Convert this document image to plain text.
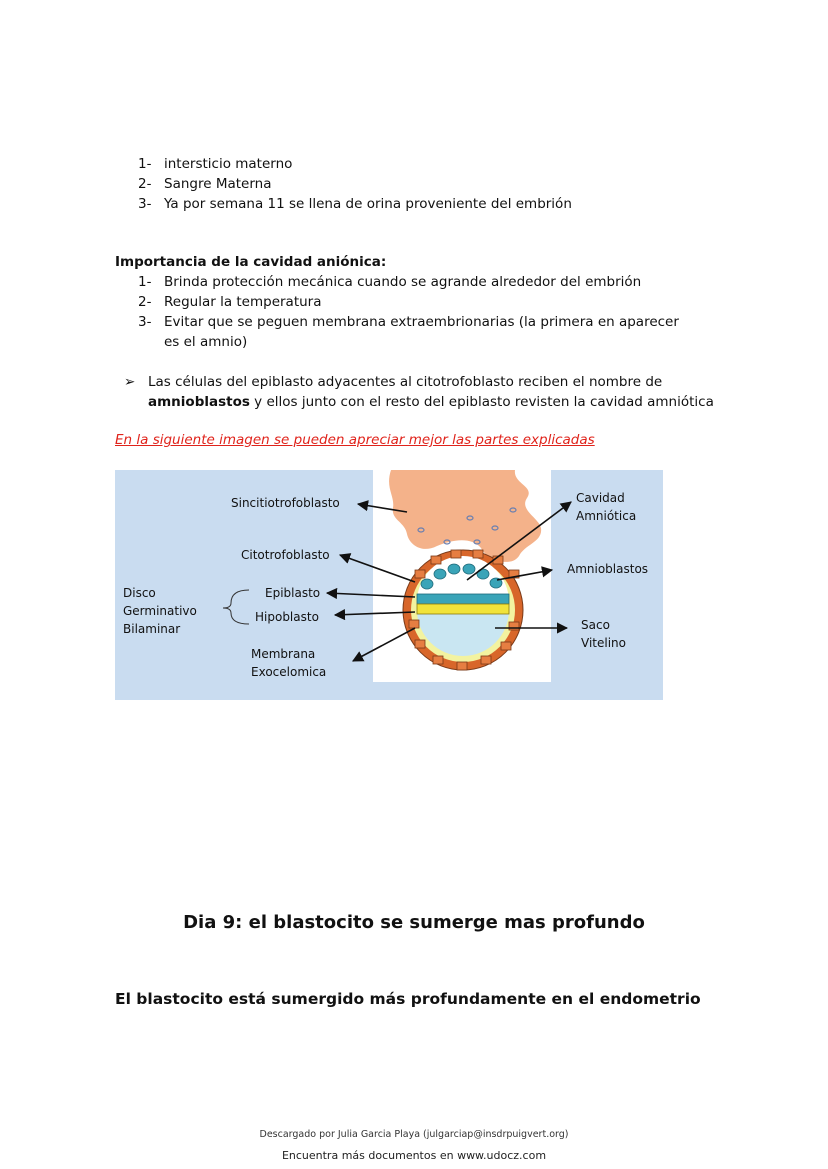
1- intersticio materno
2- Sangre Materna
3- Ya por semana 11 se llena de orina proveniente del embrión

Importancia de la cavidad aniónica:

1- Brinda protección mecánica cuando se agrande alrededor del embrión
2- Regular la temperatura
3- Evitar que se peguen membrana extraembrionarias (la primera en aparecer es el amnio)
➢ Las células del epiblasto adyacentes al citotrofoblasto reciben el nombre de amnioblastos y ellos junto con el resto del epiblasto revisten la cavidad amniótica

En la siguiente imagen se pueden apreciar mejor las partes explicadas

Sincitiotrofoblasto
Citotrofoblasto
Disco
Germinativo
Bilaminar
Epiblasto
Hipoblasto
Membrana
Exocelomica
Cavidad
Amniótica
Amnioblastos
Saco
Vitelino

Dia 9: el blastocito se sumerge mas profundo

El blastocito está sumergido más profundamente en el endometrio

Descargado por Julia Garcia Playa (julgarciap@insdrpuigvert.org)
Encuentra más documentos en www.udocz.com
